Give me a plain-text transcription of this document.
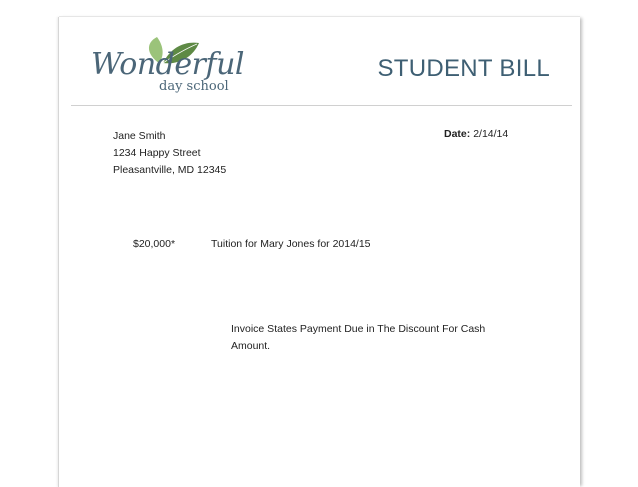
Wonderful
day school
STUDENT BILL
Jane Smith
1234 Happy Street
Pleasantville, MD 12345
Date: 2/14/14
$20,000*	Tuition for Mary Jones for 2014/15
Invoice States Payment Due in The Discount For Cash Amount.
